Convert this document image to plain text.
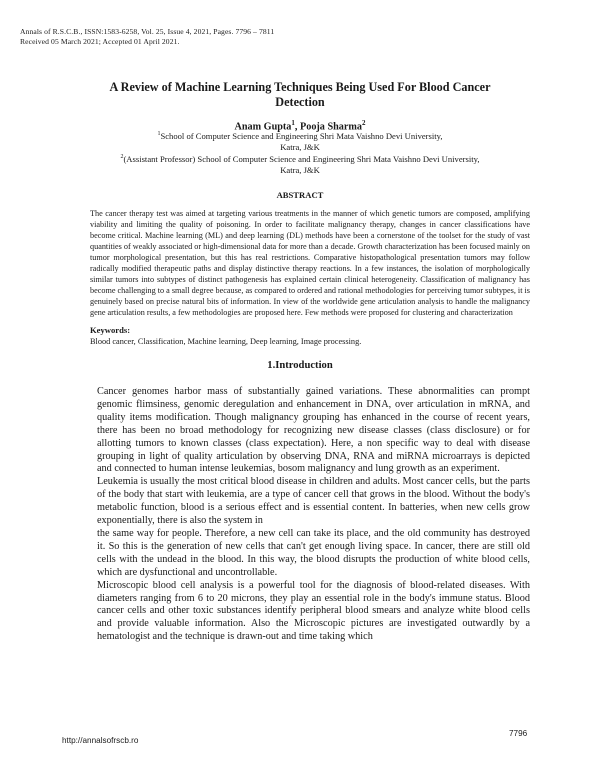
Annals of R.S.C.B., ISSN:1583-6258, Vol. 25, Issue 4, 2021, Pages. 7796 – 7811
Received 05 March 2021; Accepted 01 April 2021.
A Review of Machine Learning Techniques Being Used For Blood Cancer
Detection
Anam Gupta$^1$, Pooja Sharma$^2$
$^1$School of Computer Science and Engineering Shri Mata Vaishno Devi University,
Katra, J&K
$^2$(Assistant Professor) School of Computer Science and Engineering Shri Mata Vaishno Devi University,
Katra, J&K
ABSTRACT
The cancer therapy test was aimed at targeting various treatments in the manner of which genetic tumors are composed, amplifying viability and limiting the quality of poisoning. In order to facilitate malignancy therapy, changes in cancer classifications have become critical. Machine learning (ML) and deep learning (DL) methods have been a cornerstone of the toolset for the study of vast quantities of weakly associated or high-dimensional data for more than a decade. Growth characterization has been focused mainly on tumor morphological presentation, but this has real restrictions. Comparative histopathological presentation tumors may follow radically modified therapeutic paths and display distinctive therapy reactions. In a few instances, the isolation of morphologically similar tumors into subtypes of distinct pathogenesis has explained certain clinical heterogeneity. Classification of malignancy has become challenging to a small degree because, as compared to ordered and rational methodologies for perceiving tumor subtypes, it is genuinely based on precise natural bits of information. In view of the worldwide gene articulation analysis to handle the malignancy gene articulation results, a few methodologies are proposed here. Few methods were proposed for clustering and characterization
Keywords:
Blood cancer, Classification, Machine learning, Deep learning, Image processing.
1.Introduction

Cancer genomes harbor mass of substantially gained variations. These abnormalities can prompt genomic flimsiness, genomic deregulation and enhancement in DNA, over articulation in mRNA, and quality items modification. Though malignancy grouping has enhanced in the course of recent years, there has been no broad methodology for recognizing new disease classes (class disclosure) or for allotting tumors to known classes (class expectation). Here, a non specific way to deal with disease grouping in light of quality articulation by observing DNA, RNA and miRNA microarrays is depicted and connected to human intense leukemias, bosom malignancy and lung growth as an experiment.

Leukemia is usually the most critical blood disease in children and adults. Most cancer cells, but the parts of the body that start with leukemia, are a type of cancer cell that grows in the blood. Without the body's metabolic function, blood is a serious effect and is essential content. In batteries, when new cells grow exponentially, there is also the system in

the same way for people. Therefore, a new cell can take its place, and the old community has destroyed it. So this is the generation of new cells that can't get enough living space. In cancer, there are still old cells with the undead in the blood. In this way, the blood disrupts the production of white blood cells, which are dysfunctional and uncontrollable.

Microscopic blood cell analysis is a powerful tool for the diagnosis of blood-related diseases. With diameters ranging from 6 to 20 microns, they play an essential role in the body's immune status. Blood cancer cells and other toxic substances identify peripheral blood smears and analyze white blood cells and provide valuable information. Also the Microscopic pictures are investigated outwardly by a hematologist and the technique is drawn-out and time taking which

7796
http://annalsofrscb.ro
